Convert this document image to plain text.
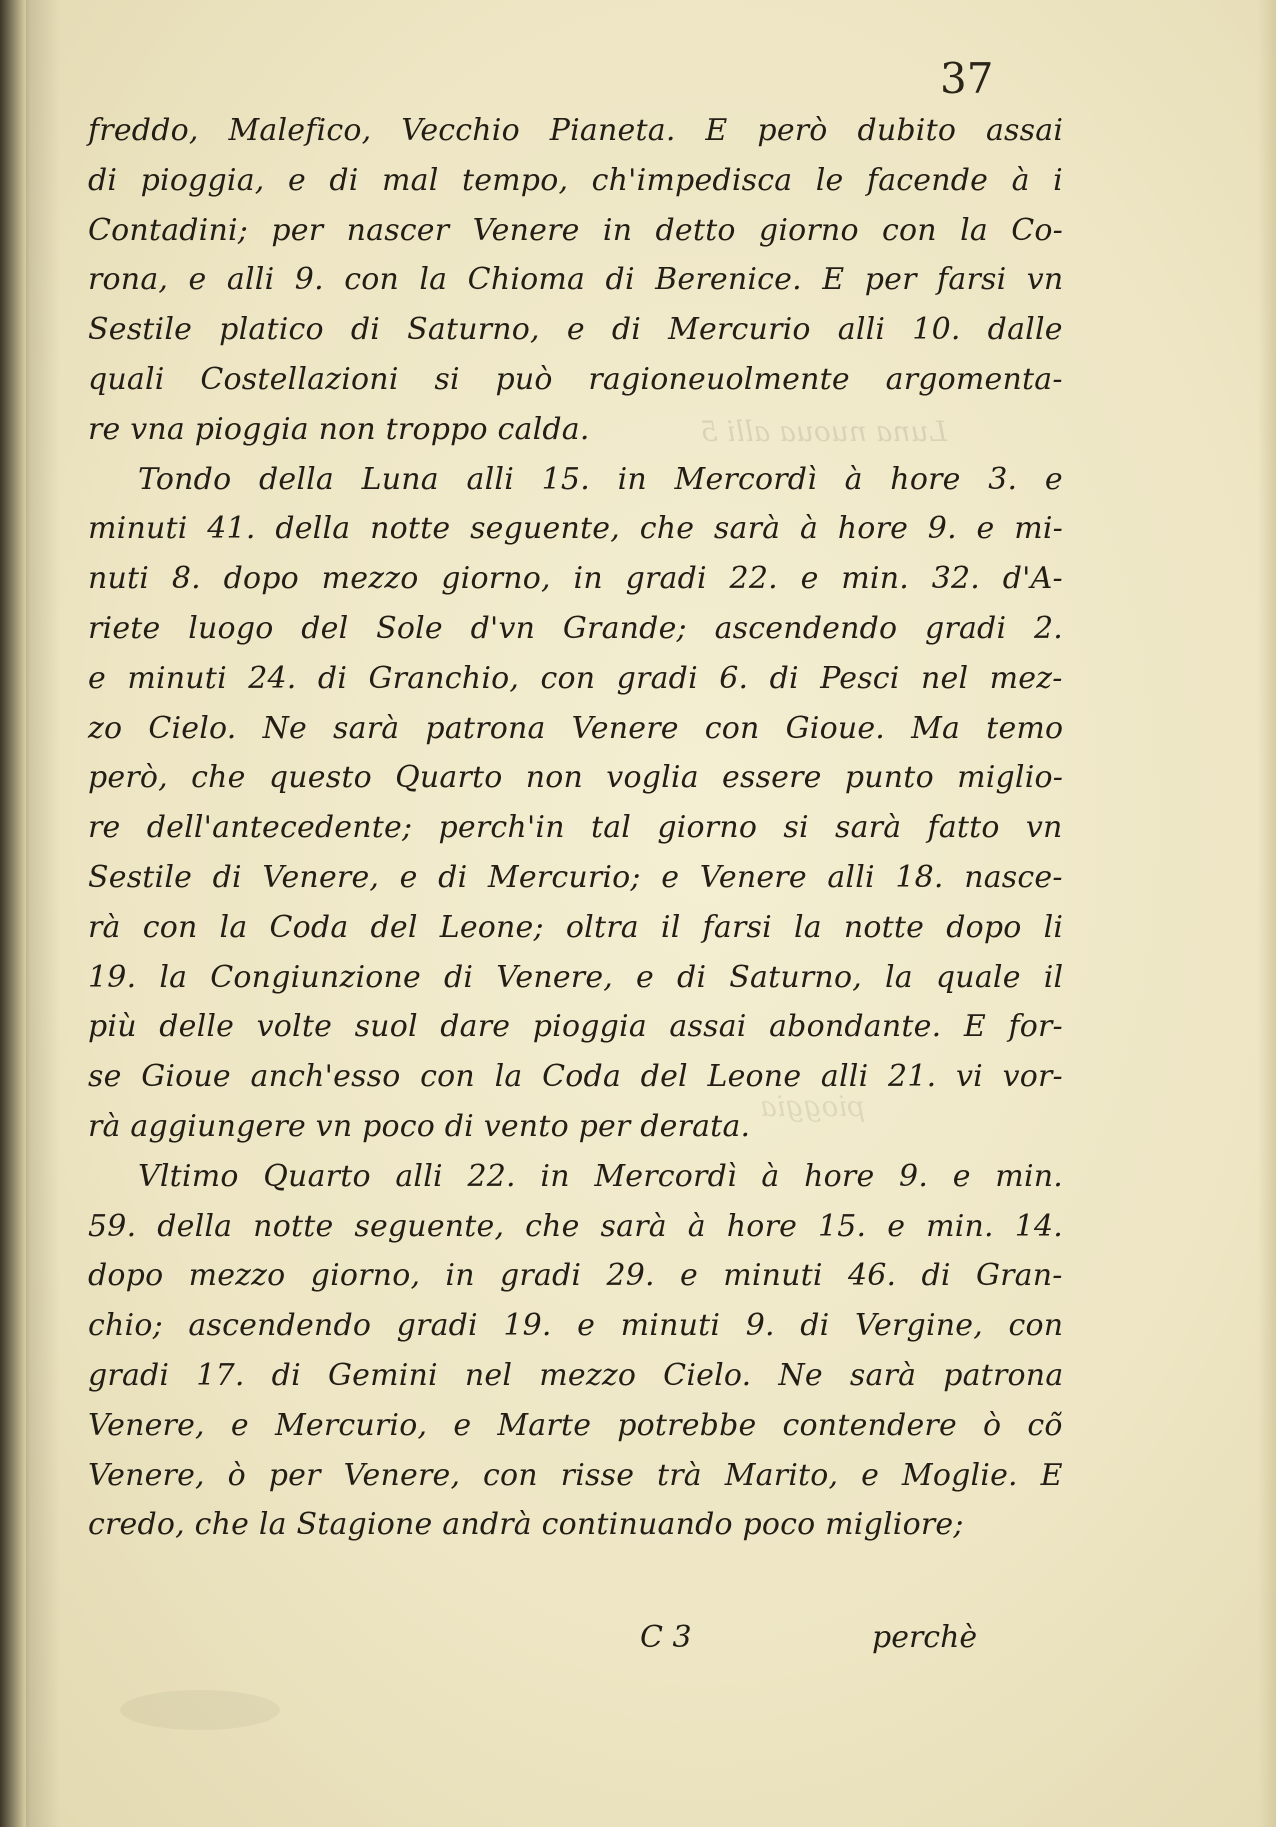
Luna nuoua alli 5
pioggia
37
freddo, Malefico, Vecchio Pianeta. E però dubito assai
di pioggia, e di mal tempo, ch'impedisca le facende à i
Contadini; per nascer Venere in detto giorno con la Co-
rona, e alli 9. con la Chioma di Berenice. E per farsi vn
Sestile platico di Saturno, e di Mercurio alli 10. dalle
quali Costellazioni si può ragioneuolmente argomenta-
re vna pioggia non troppo calda.
Tondo della Luna alli 15. in Mercordì à hore 3. e
minuti 41. della notte seguente, che sarà à hore 9. e mi-
nuti 8. dopo mezzo giorno, in gradi 22. e min. 32. d'A-
riete luogo del Sole d'vn Grande; ascendendo gradi 2.
e minuti 24. di Granchio, con gradi 6. di Pesci nel mez-
zo Cielo. Ne sarà patrona Venere con Gioue. Ma temo
però, che questo Quarto non voglia essere punto miglio-
re dell'antecedente; perch'in tal giorno si sarà fatto vn
Sestile di Venere, e di Mercurio; e Venere alli 18. nasce-
rà con la Coda del Leone; oltra il farsi la notte dopo li
19. la Congiunzione di Venere, e di Saturno, la quale il
più delle volte suol dare pioggia assai abondante. E for-
se Gioue anch'esso con la Coda del Leone alli 21. vi vor-
rà aggiungere vn poco di vento per derata.
Vltimo Quarto alli 22. in Mercordì à hore 9. e min.
59. della notte seguente, che sarà à hore 15. e min. 14.
dopo mezzo giorno, in gradi 29. e minuti 46. di Gran-
chio; ascendendo gradi 19. e minuti 9. di Vergine, con
gradi 17. di Gemini nel mezzo Cielo. Ne sarà patrona
Venere, e Mercurio, e Marte potrebbe contendere ò cõ
Venere, ò per Venere, con risse trà Marito, e Moglie. E
credo, che la Stagione andrà continuando poco migliore;
C 3	perchè
